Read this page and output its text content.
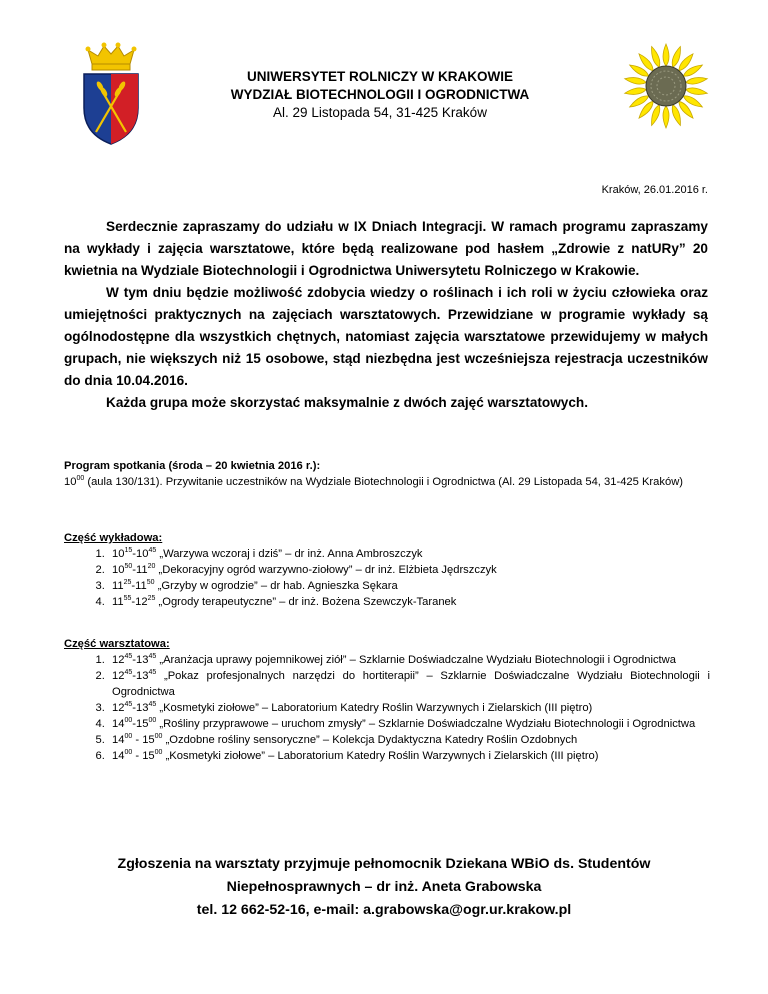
UNIWERSYTET ROLNICZY W KRAKOWIE
WYDZIAŁ BIOTECHNOLOGII I OGRODNICTWA
Al. 29 Listopada 54, 31-425 Kraków
Kraków, 26.01.2016 r.

Serdecznie zapraszamy do udziału w IX Dniach Integracji. W ramach programu zapraszamy na wykłady i zajęcia warsztatowe, które będą realizowane pod hasłem „Zdrowie z natURy” 20 kwietnia na Wydziale Biotechnologii i Ogrodnictwa Uniwersytetu Rolniczego w Krakowie.

W tym dniu będzie możliwość zdobycia wiedzy o roślinach i ich roli w życiu człowieka oraz umiejętności praktycznych na zajęciach warsztatowych. Przewidziane w programie wykłady są ogólnodostępne dla wszystkich chętnych, natomiast zajęcia warsztatowe przewidujemy w małych grupach, nie większych niż 15 osobowe, stąd niezbędna jest wcześniejsza rejestracja uczestników do dnia 10.04.2016.

Każda grupa może skorzystać maksymalnie z dwóch zajęć warsztatowych.

Program spotkania (środa – 20 kwietnia 2016 r.):
$10^{00}$ (aula 130/131). Przywitanie uczestników na Wydziale Biotechnologii i Ogrodnictwa (Al. 29 Listopada 54, 31-425 Kraków)
Część wykładowa:
1. $10^{15}-10^{45}$ „Warzywa wczoraj i dziś” – dr inż. Anna Ambroszczyk
2. $10^{50}-11^{20}$ „Dekoracyjny ogród warzywno-ziołowy” – dr inż. Elżbieta Jędrszczyk
3. $11^{25}-11^{50}$ „Grzyby w ogrodzie” – dr hab. Agnieszka Sękara
4. $11^{55}-12^{25}$ „Ogrody terapeutyczne” – dr inż. Bożena Szewczyk-Taranek
Część warsztatowa:
1. $12^{45}-13^{45}$ „Aranżacja uprawy pojemnikowej ziół” – Szklarnie Doświadczalne Wydziału Biotechnologii i Ogrodnictwa
2. $12^{45}-13^{45}$ „Pokaz profesjonalnych narzędzi do hortiterapii” – Szklarnie Doświadczalne Wydziału Biotechnologii i Ogrodnictwa
3. $12^{45}-13^{45}$ „Kosmetyki ziołowe” – Laboratorium Katedry Roślin Warzywnych i Zielarskich (III piętro)
4. $14^{00}-15^{00}$ „Rośliny przyprawowe – uruchom zmysły” – Szklarnie Doświadczalne Wydziału Biotechnologii i Ogrodnictwa
5. $14^{00} - 15^{00}$ „Ozdobne rośliny sensoryczne” – Kolekcja Dydaktyczna Katedry Roślin Ozdobnych
6. $14^{00} - 15^{00}$ „Kosmetyki ziołowe” – Laboratorium Katedry Roślin Warzywnych i Zielarskich (III piętro)
Zgłoszenia na warsztaty przyjmuje pełnomocnik Dziekana WBiO ds. Studentów
Niepełnosprawnych – dr inż. Aneta Grabowska
tel. 12 662-52-16, e-mail: a.grabowska@ogr.ur.krakow.pl
